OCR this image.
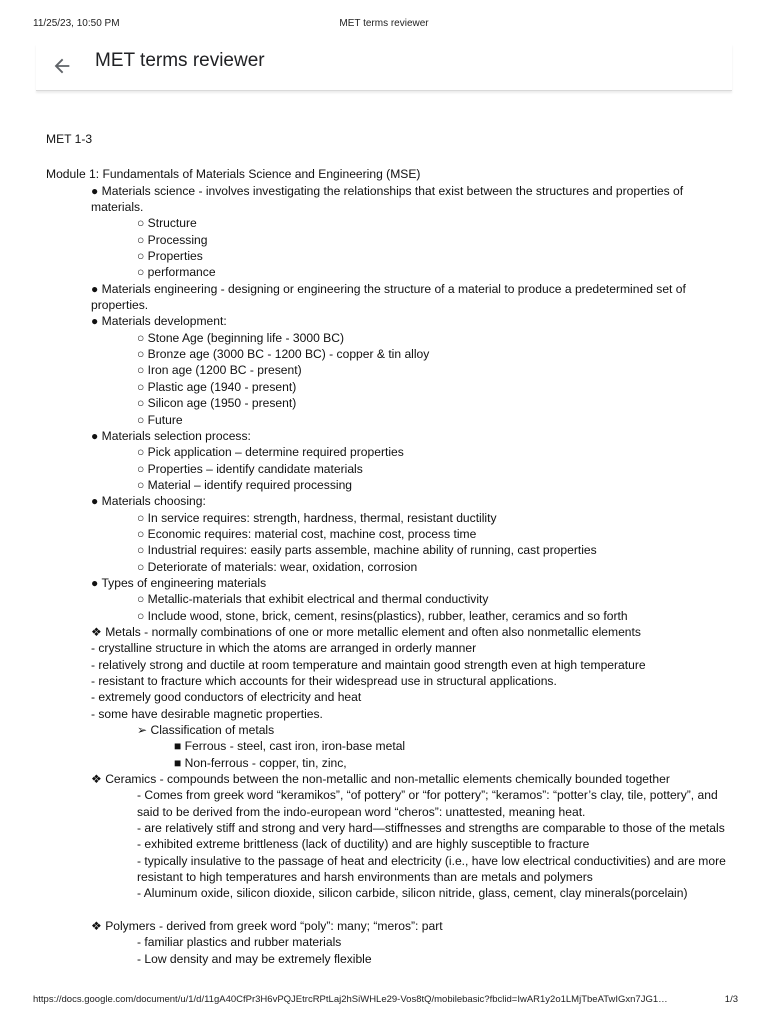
11/25/23, 10:50 PM	MET terms reviewer
MET terms reviewer
MET 1-3
Module 1: Fundamentals of Materials Science and Engineering (MSE)
● Materials science - involves investigating the relationships that exist between the structures and properties of materials.
○ Structure
○ Processing
○ Properties
○ performance
● Materials engineering - designing or engineering the structure of a material to produce a predetermined set of properties.
● Materials development:
○ Stone Age (beginning life - 3000 BC)
○ Bronze age (3000 BC - 1200 BC) - copper & tin alloy
○ Iron age (1200 BC - present)
○ Plastic age (1940 - present)
○ Silicon age (1950 - present)
○ Future
● Materials selection process:
○ Pick application – determine required properties
○ Properties – identify candidate materials
○ Material – identify required processing
● Materials choosing:
○ In service requires: strength, hardness, thermal, resistant ductility
○ Economic requires: material cost, machine cost, process time
○ Industrial requires: easily parts assemble, machine ability of running, cast properties
○ Deteriorate of materials: wear, oxidation, corrosion
● Types of engineering materials
○ Metallic-materials that exhibit electrical and thermal conductivity
○ Include wood, stone, brick, cement, resins(plastics), rubber, leather, ceramics and so forth
❖ Metals - normally combinations of one or more metallic element and often also nonmetallic elements
- crystalline structure in which the atoms are arranged in orderly manner
- relatively strong and ductile at room temperature and maintain good strength even at high temperature
- resistant to fracture which accounts for their widespread use in structural applications.
- extremely good conductors of electricity and heat
- some have desirable magnetic properties.
➢ Classification of metals
■ Ferrous - steel, cast iron, iron-base metal
■ Non-ferrous - copper, tin, zinc,
❖ Ceramics - compounds between the non-metallic and non-metallic elements chemically bounded together
- Comes from greek word “keramikos”, “of pottery” or “for pottery”; “keramos”: “potter’s clay, tile, pottery”, and said to be derived from the indo-european word “cheros”: unattested, meaning heat.
- are relatively stiff and strong and very hard—stiffnesses and strengths are comparable to those of the metals
- exhibited extreme brittleness (lack of ductility) and are highly susceptible to fracture
- typically insulative to the passage of heat and electricity (i.e., have low electrical conductivities) and are more resistant to high temperatures and harsh environments than are metals and polymers
- Aluminum oxide, silicon dioxide, silicon carbide, silicon nitride, glass, cement, clay minerals(porcelain)
❖ Polymers - derived from greek word “poly”: many; “meros”: part
- familiar plastics and rubber materials
- Low density and may be extremely flexible
https://docs.google.com/document/u/1/d/11gA40CfPr3H6vPQJEtrcRPtLaj2hSiWHLe29-Vos8tQ/mobilebasic?fbclid=IwAR1y2o1LMjTbeATwIGxn7JG1…	1/3
